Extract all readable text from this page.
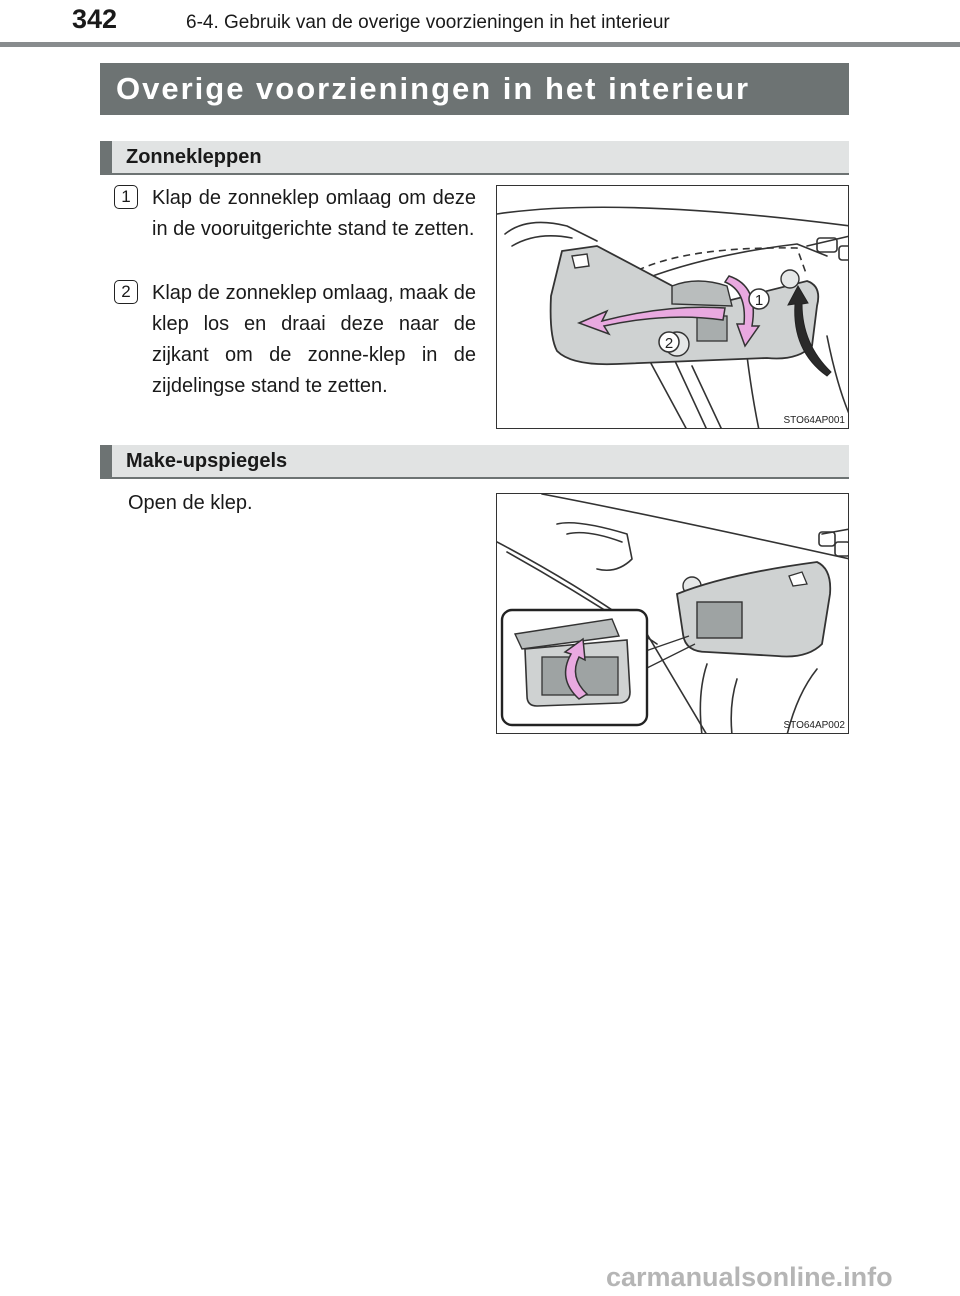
342	6-4. Gebruik van de overige voorzieningen in het interieur
Overige voorzieningen in het interieur
Zonnekleppen
1	Klap de zonneklep omlaag om deze in de vooruitgerichte stand te zetten.
2	Klap de zonneklep omlaag, maak de klep los en draai deze naar de zijkant om de zonne-klep in de zijdelingse stand te zetten.
1
2
STO64AP001
Make-upspiegels
Open de klep.
STO64AP002
carmanualsonline.info
